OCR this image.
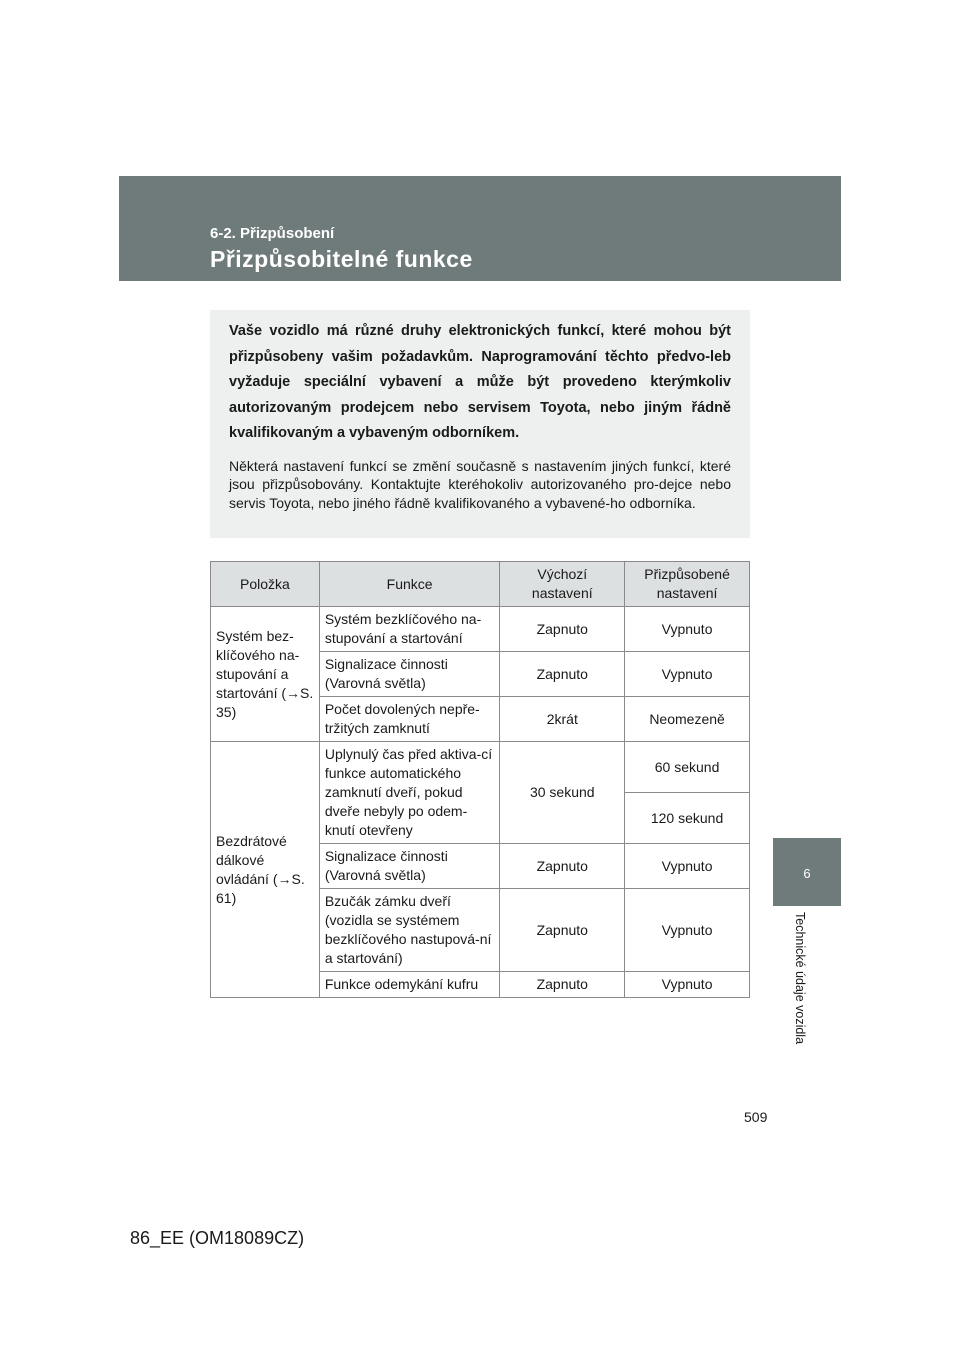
6-2. Přizpůsobení
Přizpůsobitelné funkce

Vaše vozidlo má různé druhy elektronických funkcí, které mohou být přizpůsobeny vašim požadavkům. Naprogramování těchto předvo-leb vyžaduje speciální vybavení a může být provedeno kterýmkoliv autorizovaným prodejcem nebo servisem Toyota, nebo jiným řádně kvalifikovaným a vybaveným odborníkem.

Některá nastavení funkcí se změní současně s nastavením jiných funkcí, které jsou přizpůsobovány. Kontaktujte kteréhokoliv autorizovaného pro-dejce nebo servis Toyota, nebo jiného řádně kvalifikovaného a vybavené-ho odborníka.

Položka	Funkce	Výchozí nastavení	Přizpůsobené nastavení
Systém bez-klíčového na-stupování a startování (→S. 35)	Systém bezklíčového na-stupování a startování	Zapnuto	Vypnuto
	Signalizace činnosti (Varovná světla)	Zapnuto	Vypnuto
	Počet dovolených nepře-tržitých zamknutí	2krát	Neomezeně
Bezdrátové dálkové ovládání (→S. 61)	Uplynulý čas před aktiva-cí funkce automatického zamknutí dveří, pokud dveře nebyly po odem-knutí otevřeny	30 sekund	60 sekund
			120 sekund
	Signalizace činnosti (Varovná světla)	Zapnuto	Vypnuto
	Bzučák zámku dveří (vozidla se systémem bezklíčového nastupová-ní a startování)	Zapnuto	Vypnuto
	Funkce odemykání kufru	Zapnuto	Vypnuto
6
Technické údaje vozidla
509
86_EE (OM18089CZ)
